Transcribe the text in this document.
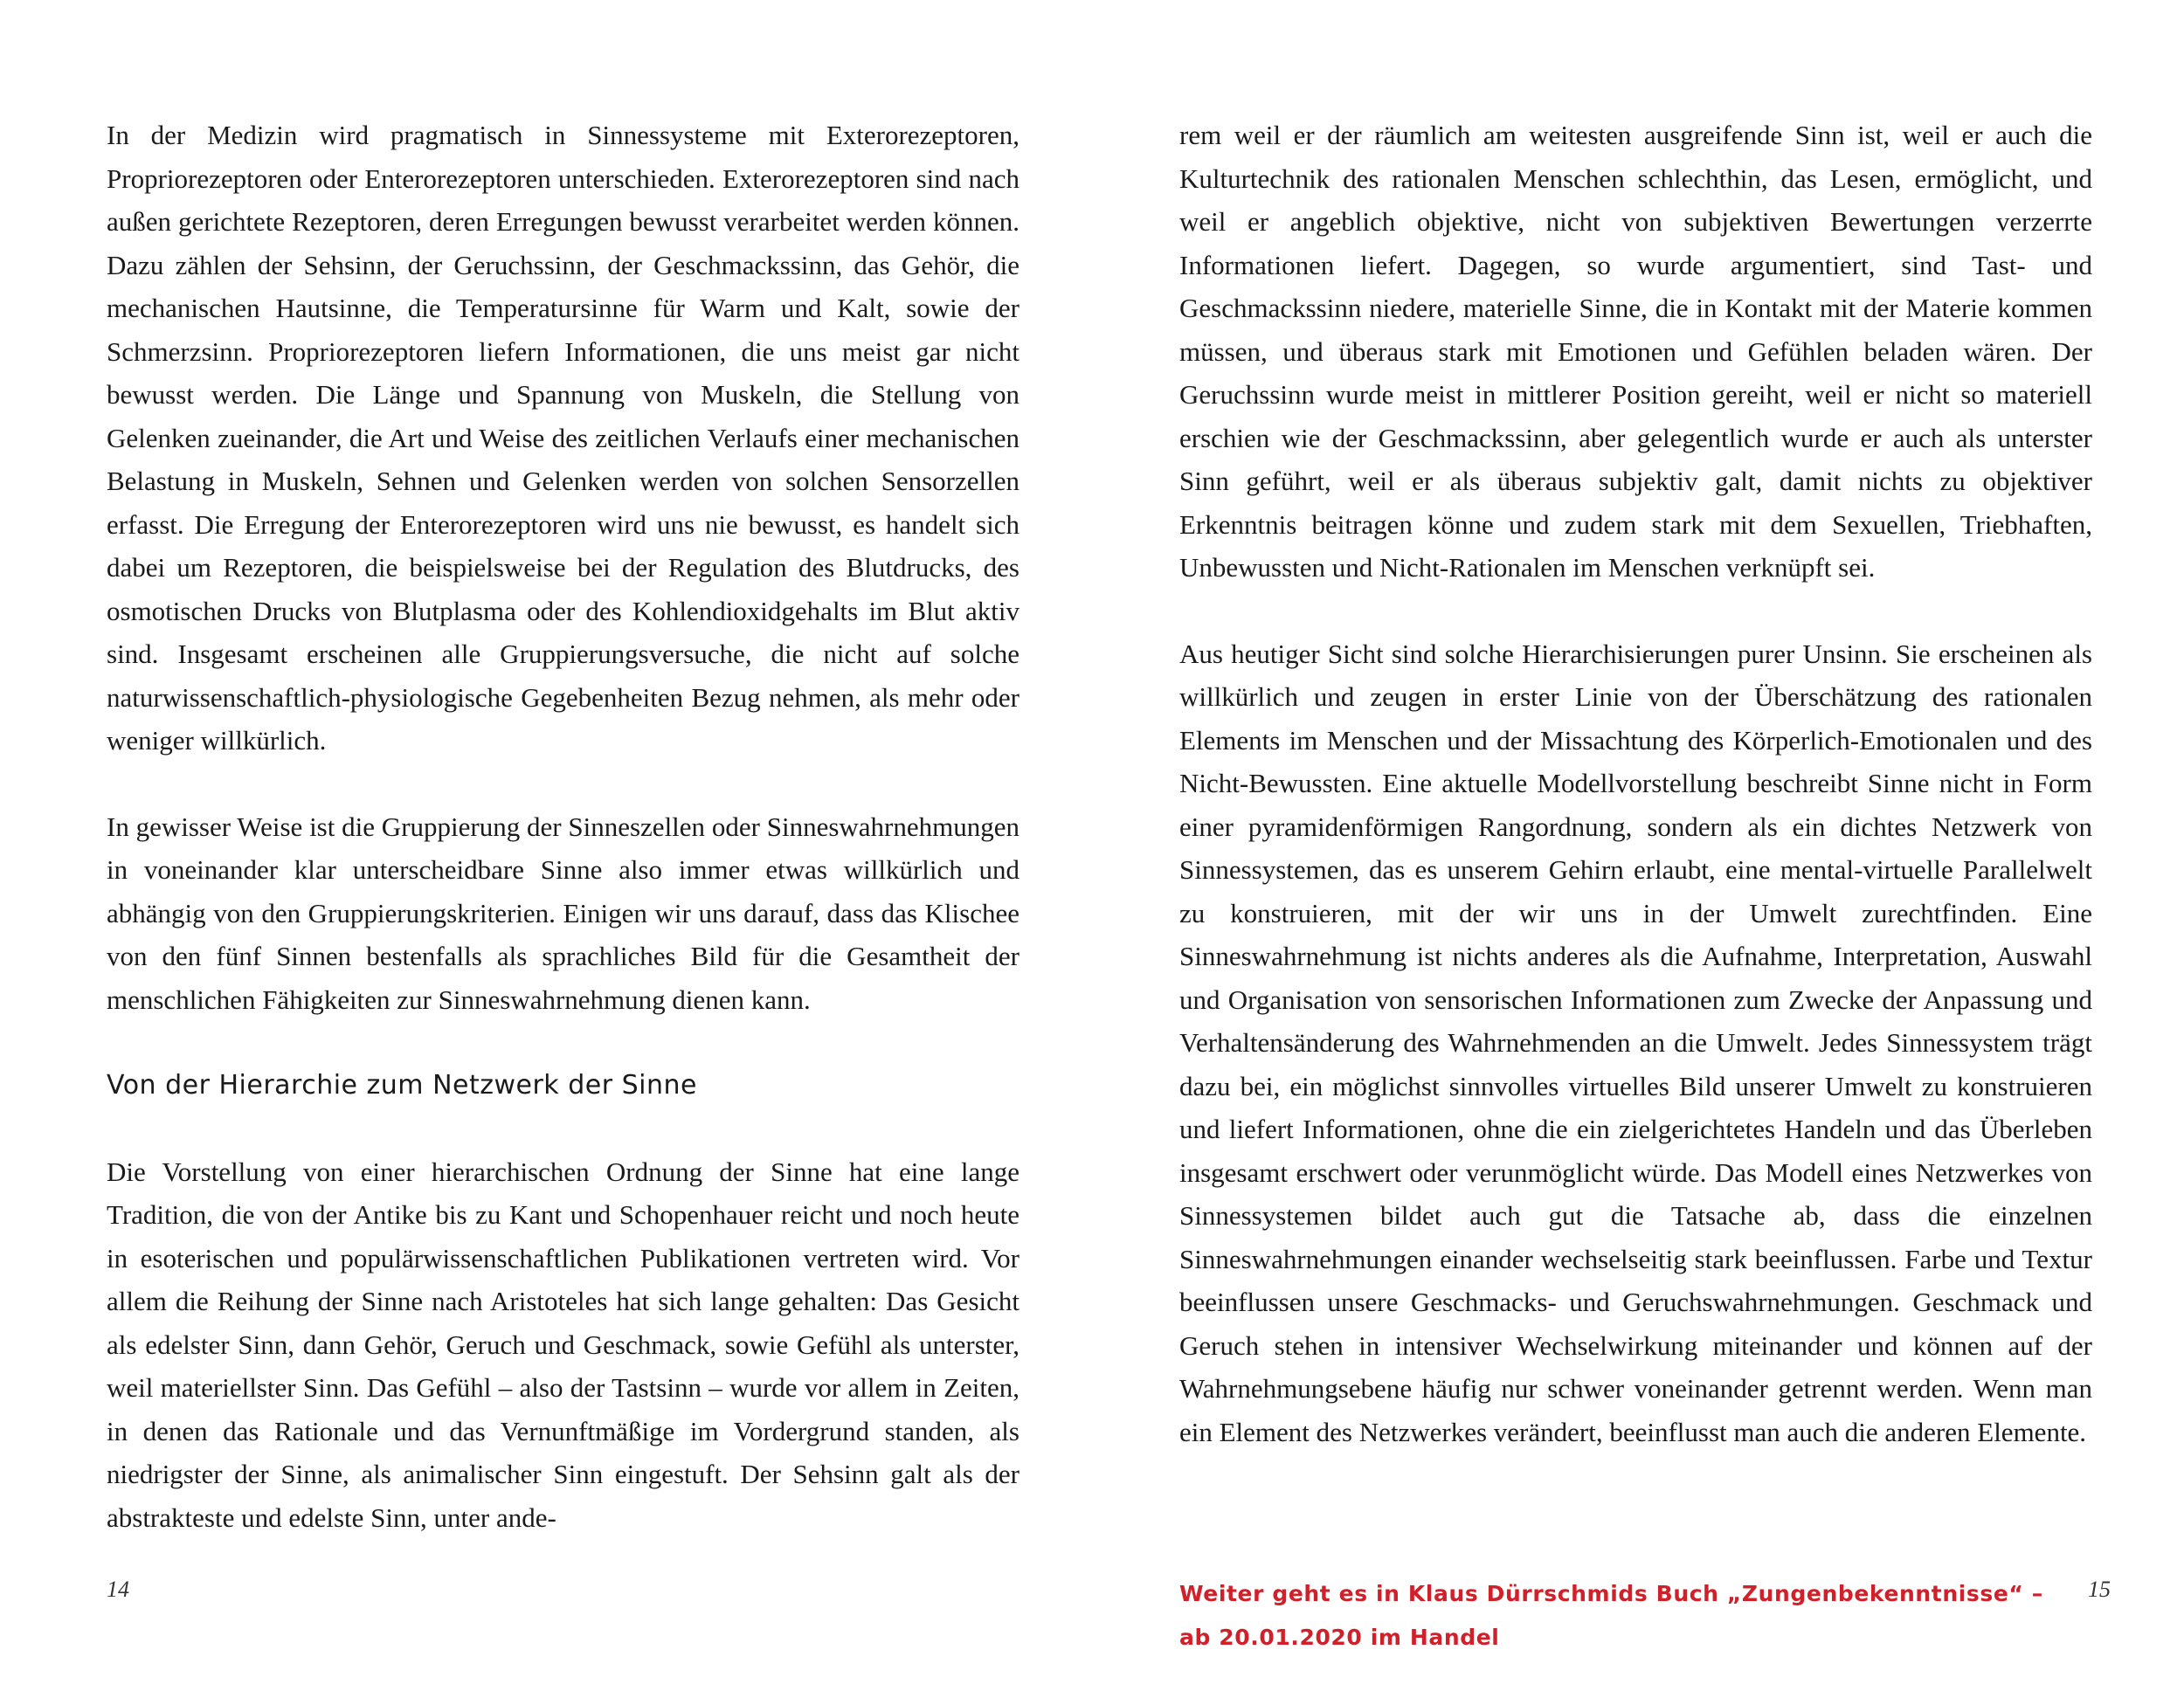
In der Medizin wird pragmatisch in Sinnessysteme mit Exterorezeptoren, Propriorezeptoren oder Enterorezeptoren unterschieden. Exterorezeptoren sind nach außen gerichtete Rezeptoren, deren Erregungen bewusst verarbeitet werden können. Dazu zählen der Sehsinn, der Geruchssinn, der Geschmackssinn, das Gehör, die mechanischen Hautsinne, die Temperatursinne für Warm und Kalt, sowie der Schmerzsinn. Propriorezeptoren liefern Informationen, die uns meist gar nicht bewusst werden. Die Länge und Spannung von Muskeln, die Stellung von Gelenken zueinander, die Art und Weise des zeitlichen Verlaufs einer mechanischen Belastung in Muskeln, Sehnen und Gelenken werden von solchen Sensorzellen erfasst. Die Erregung der Enterorezeptoren wird uns nie bewusst, es handelt sich dabei um Rezeptoren, die beispielsweise bei der Regulation des Blutdrucks, des osmotischen Drucks von Blutplasma oder des Kohlendioxidgehalts im Blut aktiv sind. Insgesamt erscheinen alle Gruppierungsversuche, die nicht auf solche naturwissenschaftlich-physiologische Gegebenheiten Bezug nehmen, als mehr oder weniger willkürlich.

In gewisser Weise ist die Gruppierung der Sinneszellen oder Sinneswahrnehmungen in voneinander klar unterscheidbare Sinne also immer etwas willkürlich und abhängig von den Gruppierungskriterien. Einigen wir uns darauf, dass das Klischee von den fünf Sinnen bestenfalls als sprachliches Bild für die Gesamtheit der menschlichen Fähigkeiten zur Sinneswahrnehmung dienen kann.

Von der Hierarchie zum Netzwerk der Sinne

Die Vorstellung von einer hierarchischen Ordnung der Sinne hat eine lange Tradition, die von der Antike bis zu Kant und Schopenhauer reicht und noch heute in esoterischen und populärwissenschaftlichen Publikationen vertreten wird. Vor allem die Reihung der Sinne nach Aristoteles hat sich lange gehalten: Das Gesicht als edelster Sinn, dann Gehör, Geruch und Geschmack, sowie Gefühl als unterster, weil materiellster Sinn. Das Gefühl – also der Tastsinn – wurde vor allem in Zeiten, in denen das Rationale und das Vernunftmäßige im Vordergrund standen, als niedrigster der Sinne, als animalischer Sinn eingestuft. Der Sehsinn galt als der abstrakteste und edelste Sinn, unter ande-

14

rem weil er der räumlich am weitesten ausgreifende Sinn ist, weil er auch die Kulturtechnik des rationalen Menschen schlechthin, das Lesen, ermöglicht, und weil er angeblich objektive, nicht von subjektiven Bewertungen verzerrte Informationen liefert. Dagegen, so wurde argumentiert, sind Tast- und Geschmackssinn niedere, materielle Sinne, die in Kontakt mit der Materie kommen müssen, und überaus stark mit Emotionen und Gefühlen beladen wären. Der Geruchssinn wurde meist in mittlerer Position gereiht, weil er nicht so materiell erschien wie der Geschmackssinn, aber gelegentlich wurde er auch als unterster Sinn geführt, weil er als überaus subjektiv galt, damit nichts zu objektiver Erkenntnis beitragen könne und zudem stark mit dem Sexuellen, Triebhaften, Unbewussten und Nicht-Rationalen im Menschen verknüpft sei.

Aus heutiger Sicht sind solche Hierarchisierungen purer Unsinn. Sie erscheinen als willkürlich und zeugen in erster Linie von der Überschätzung des rationalen Elements im Menschen und der Missachtung des Körperlich-Emotionalen und des Nicht-Bewussten. Eine aktuelle Modellvorstellung beschreibt Sinne nicht in Form einer pyramidenförmigen Rangordnung, sondern als ein dichtes Netzwerk von Sinnessystemen, das es unserem Gehirn erlaubt, eine mental-virtuelle Parallelwelt zu konstruieren, mit der wir uns in der Umwelt zurechtfinden. Eine Sinneswahrnehmung ist nichts anderes als die Aufnahme, Interpretation, Auswahl und Organisation von sensorischen Informationen zum Zwecke der Anpassung und Verhaltensänderung des Wahrnehmenden an die Umwelt. Jedes Sinnessystem trägt dazu bei, ein möglichst sinnvolles virtuelles Bild unserer Umwelt zu konstruieren und liefert Informationen, ohne die ein zielgerichtetes Handeln und das Überleben insgesamt erschwert oder verunmöglicht würde. Das Modell eines Netzwerkes von Sinnessystemen bildet auch gut die Tatsache ab, dass die einzelnen Sinneswahrnehmungen einander wechselseitig stark beeinflussen. Farbe und Textur beeinflussen unsere Geschmacks- und Geruchswahrnehmungen. Geschmack und Geruch stehen in intensiver Wechselwirkung miteinander und können auf der Wahrnehmungsebene häufig nur schwer voneinander getrennt werden. Wenn man ein Element des Netzwerkes verändert, beeinflusst man auch die anderen Elemente.

Weiter geht es in Klaus Dürrschmids Buch „Zungenbekenntnisse“ – ab 20.01.2020 im Handel
15
